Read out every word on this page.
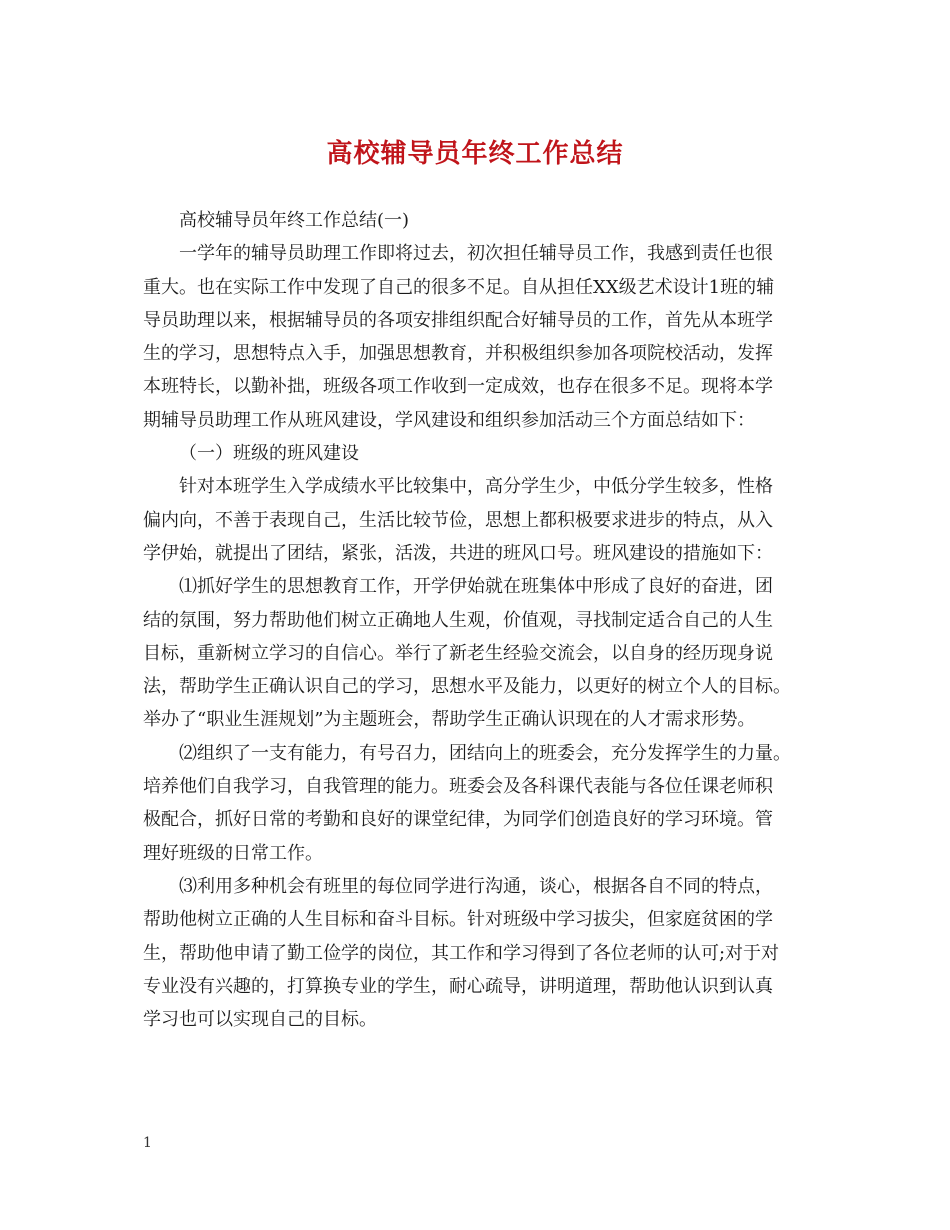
高校辅导员年终工作总结
高校辅导员年终工作总结(一)
一学年的辅导员助理工作即将过去，初次担任辅导员工作，我感到责任也很
重大。也在实际工作中发现了自己的很多不足。自从担任XX级艺术设计1班的辅
导员助理以来，根据辅导员的各项安排组织配合好辅导员的工作，首先从本班学
生的学习，思想特点入手，加强思想教育，并积极组织参加各项院校活动，发挥
本班特长，以勤补拙，班级各项工作收到一定成效，也存在很多不足。现将本学
期辅导员助理工作从班风建设，学风建设和组织参加活动三个方面总结如下：
（一）班级的班风建设
针对本班学生入学成绩水平比较集中，高分学生少，中低分学生较多，性格
偏内向，不善于表现自己，生活比较节俭，思想上都积极要求进步的特点，从入
学伊始，就提出了团结，紧张，活泼，共进的班风口号。班风建设的措施如下：
⑴抓好学生的思想教育工作，开学伊始就在班集体中形成了良好的奋进，团
结的氛围，努力帮助他们树立正确地人生观，价值观，寻找制定适合自己的人生
目标，重新树立学习的自信心。举行了新老生经验交流会，以自身的经历现身说
法，帮助学生正确认识自己的学习，思想水平及能力，以更好的树立个人的目标。
举办了“职业生涯规划”为主题班会，帮助学生正确认识现在的人才需求形势。
⑵组织了一支有能力，有号召力，团结向上的班委会，充分发挥学生的力量。
培养他们自我学习，自我管理的能力。班委会及各科课代表能与各位任课老师积
极配合，抓好日常的考勤和良好的课堂纪律，为同学们创造良好的学习环境。管
理好班级的日常工作。
⑶利用多种机会有班里的每位同学进行沟通，谈心，根据各自不同的特点，
帮助他树立正确的人生目标和奋斗目标。针对班级中学习拔尖，但家庭贫困的学
生，帮助他申请了勤工俭学的岗位，其工作和学习得到了各位老师的认可;对于对
专业没有兴趣的，打算换专业的学生，耐心疏导，讲明道理，帮助他认识到认真
学习也可以实现自己的目标。
1
